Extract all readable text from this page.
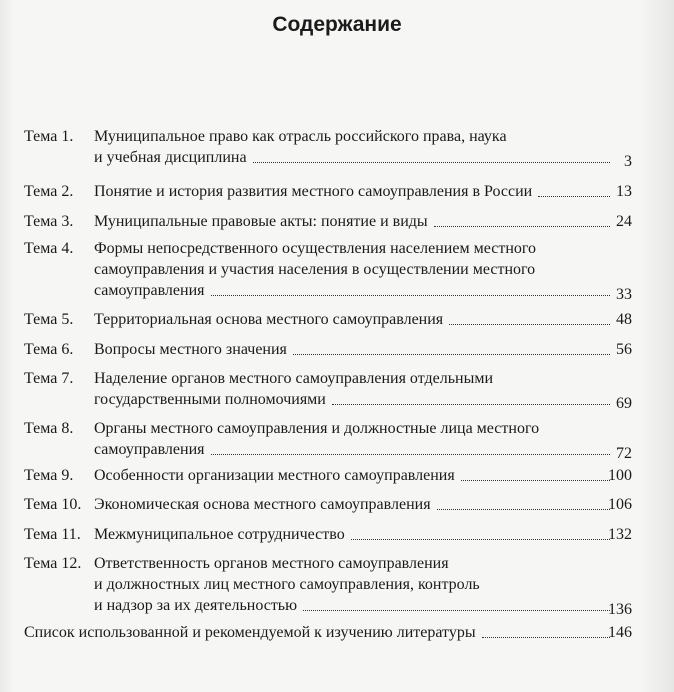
Содержание
Тема 1. Муниципальное право как отрасль российского права, наука
и учебная дисциплина	3
Тема 2. Понятие и история развития местного самоуправления в России	13
Тема 3. Муниципальные правовые акты: понятие и виды	24
Тема 4. Формы непосредственного осуществления населением местного
самоуправления и участия населения в осуществлении местного
самоуправления	33
Тема 5. Территориальная основа местного самоуправления	48
Тема 6. Вопросы местного значения	56
Тема 7. Наделение органов местного самоуправления отдельными
государственными полномочиями	69
Тема 8. Органы местного самоуправления и должностные лица местного
самоуправления	72
Тема 9. Особенности организации местного самоуправления	100
Тема 10. Экономическая основа местного самоуправления	106
Тема 11. Межмуниципальное сотрудничество	132
Тема 12. Ответственность органов местного самоуправления
и должностных лиц местного самоуправления, контроль
и надзор за их деятельностью	136
Список использованной и рекомендуемой к изучению литературы	146
